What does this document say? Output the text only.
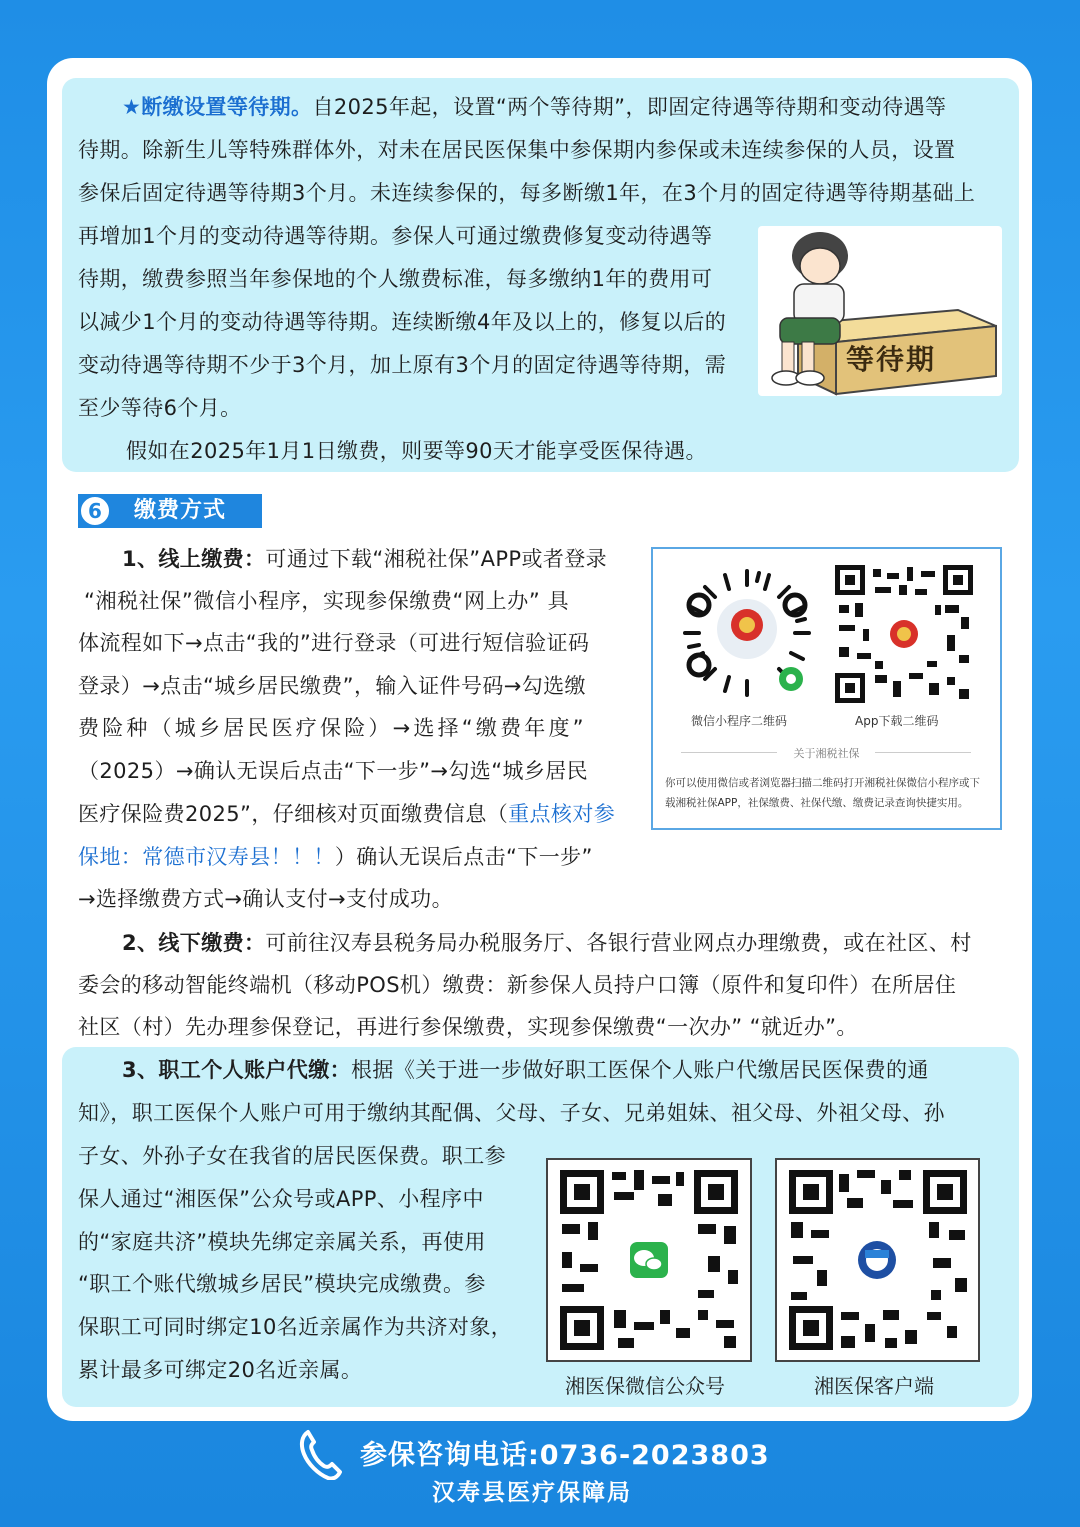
★断缴设置等待期。自2025年起，设置“两个等待期”，即固定待遇等待期和变动待遇等
待期。除新生儿等特殊群体外，对未在居民医保集中参保期内参保或未连续参保的人员，设置
参保后固定待遇等待期3个月。未连续参保的，每多断缴1年，在3个月的固定待遇等待期基础上
再增加1个月的变动待遇等待期。参保人可通过缴费修复变动待遇等
待期，缴费参照当年参保地的个人缴费标准，每多缴纳1年的费用可
以减少1个月的变动待遇等待期。连续断缴4年及以上的，修复以后的
变动待遇等待期不少于3个月，加上原有3个月的固定待遇等待期，需
至少等待6个月。
假如在2025年1月1日缴费，则要等90天才能享受医保待遇。
等待期
6	缴费方式
1、线上缴费：可通过下载“湘税社保”APP或者登录
“湘税社保”微信小程序，实现参保缴费“网上办” 具
体流程如下→点击“我的”进行登录（可进行短信验证码
登录）→点击“城乡居民缴费”，输入证件号码→勾选缴
费险种（城乡居民医疗保险）→选择“缴费年度”
（2025）→确认无误后点击“下一步”→勾选“城乡居民
医疗保险费2025”，仔细核对页面缴费信息（重点核对参
保地：常德市汉寿县！！！）确认无误后点击“下一步”
→选择缴费方式→确认支付→支付成功。
微信小程序二维码	App下载二维码
关于湘税社保
你可以使用微信或者浏览器扫描二维码打开湘税社保微信小程序或下载湘税社保APP，社保缴费、社保代缴、缴费记录查询快捷实用。
2、线下缴费：可前往汉寿县税务局办税服务厅、各银行营业网点办理缴费，或在社区、村
委会的移动智能终端机（移动POS机）缴费：新参保人员持户口簿（原件和复印件）在所居住
社区（村）先办理参保登记，再进行参保缴费，实现参保缴费“一次办” “就近办”。
3、职工个人账户代缴：根据《关于进一步做好职工医保个人账户代缴居民医保费的通
知》，职工医保个人账户可用于缴纳其配偶、父母、子女、兄弟姐妹、祖父母、外祖父母、孙
子女、外孙子女在我省的居民医保费。职工参
保人通过“湘医保”公众号或APP、小程序中
的“家庭共济”模块先绑定亲属关系，再使用
“职工个账代缴城乡居民”模块完成缴费。参
保职工可同时绑定10名近亲属作为共济对象，
累计最多可绑定20名近亲属。
湘医保微信公众号	湘医保客户端
参保咨询电话:0736-2023803
汉寿县医疗保障局
